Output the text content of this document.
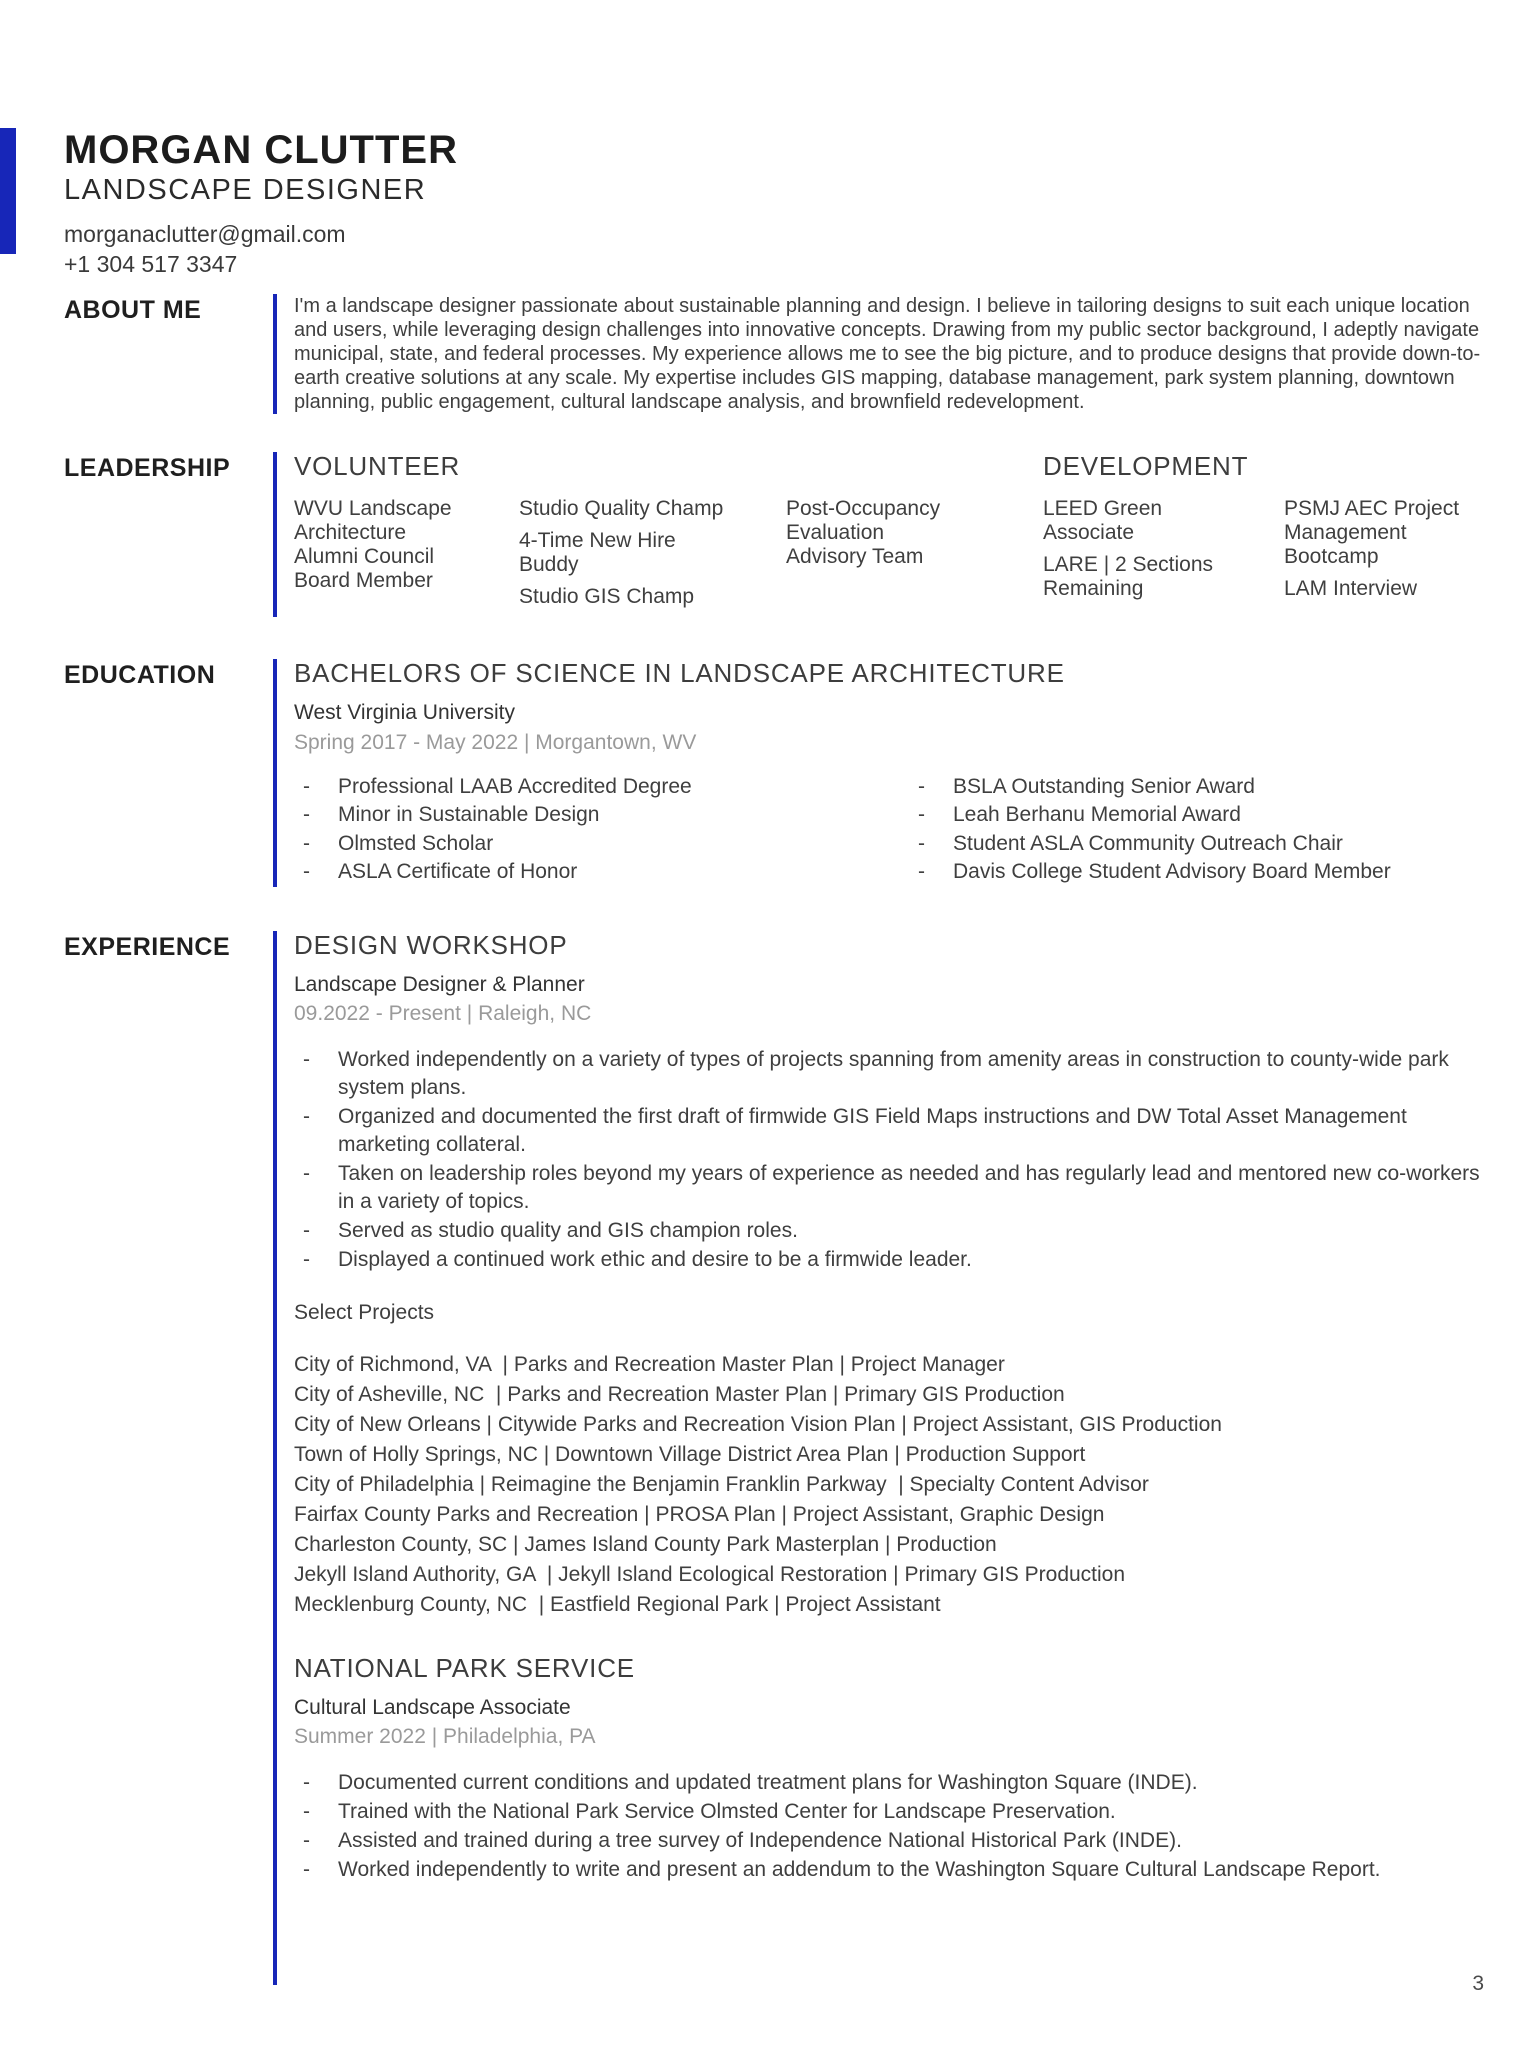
MORGAN CLUTTER
LANDSCAPE DESIGNER
morganaclutter@gmail.com
+1 304 517 3347
ABOUT ME	I'm a landscape designer passionate about sustainable planning and design. I believe in tailoring designs to suit each unique location and users, while leveraging design challenges into innovative concepts. Drawing from my public sector background, I adeptly navigate municipal, state, and federal processes. My experience allows me to see the big picture, and to produce designs that provide down-to-earth creative solutions at any scale. My expertise includes GIS mapping, database management, park system planning, downtown planning, public engagement, cultural landscape analysis, and brownfield redevelopment.
LEADERSHIP	VOLUNTEER
WVU Landscape Architecture Alumni Council Board Member
Studio Quality Champ
4-Time New Hire Buddy
Studio GIS Champ
Post-Occupancy Evaluation Advisory Team
DEVELOPMENT
LEED Green Associate
LARE | 2 Sections Remaining
PSMJ AEC Project Management Bootcamp
LAM Interview
EDUCATION	BACHELORS OF SCIENCE IN LANDSCAPE ARCHITECTURE
West Virginia University
Spring 2017 - May 2022 | Morgantown, WV
- Professional LAAB Accredited Degree
- Minor in Sustainable Design
- Olmsted Scholar
- ASLA Certificate of Honor
- BSLA Outstanding Senior Award
- Leah Berhanu Memorial Award
- Student ASLA Community Outreach Chair
- Davis College Student Advisory Board Member
EXPERIENCE	DESIGN WORKSHOP
Landscape Designer & Planner
09.2022 - Present | Raleigh, NC
- Worked independently on a variety of types of projects spanning from amenity areas in construction to county-wide park system plans.
- Organized and documented the first draft of firmwide GIS Field Maps instructions and DW Total Asset Management marketing collateral.
- Taken on leadership roles beyond my years of experience as needed and has regularly lead and mentored new co-workers in a variety of topics.
- Served as studio quality and GIS champion roles.
- Displayed a continued work ethic and desire to be a firmwide leader.
Select Projects
City of Richmond, VA  | Parks and Recreation Master Plan | Project Manager
City of Asheville, NC  | Parks and Recreation Master Plan | Primary GIS Production
City of New Orleans | Citywide Parks and Recreation Vision Plan | Project Assistant, GIS Production
Town of Holly Springs, NC | Downtown Village District Area Plan | Production Support
City of Philadelphia | Reimagine the Benjamin Franklin Parkway  | Specialty Content Advisor
Fairfax County Parks and Recreation | PROSA Plan | Project Assistant, Graphic Design
Charleston County, SC | James Island County Park Masterplan | Production
Jekyll Island Authority, GA  | Jekyll Island Ecological Restoration | Primary GIS Production
Mecklenburg County, NC  | Eastfield Regional Park | Project Assistant
NATIONAL PARK SERVICE
Cultural Landscape Associate
Summer 2022 | Philadelphia, PA
- Documented current conditions and updated treatment plans for Washington Square (INDE).
- Trained with the National Park Service Olmsted Center for Landscape Preservation.
- Assisted and trained during a tree survey of Independence National Historical Park (INDE).
- Worked independently to write and present an addendum to the Washington Square Cultural Landscape Report.
3
